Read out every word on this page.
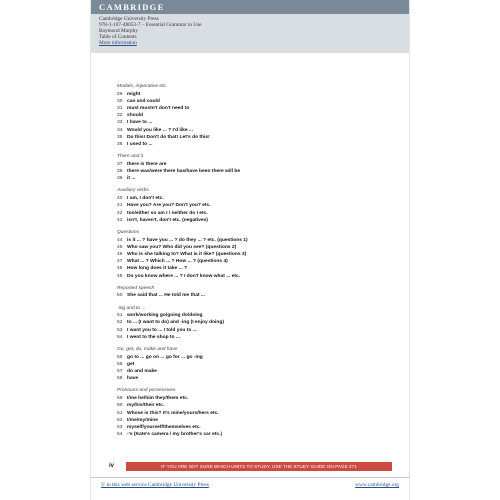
CAMBRIDGE
Cambridge University Press
978-1-107-48053-7 – Essential Grammar in Use
Raymond Murphy
Table of Contents
More information
Modals, imperative etc.
29 might
30 can and could
31 must mustn't don't need to
32 should
33 I have to ...
34 Would you like ... ? I'd like ...
35 Do this! Don't do that! Let's do this!
36 I used to ...
There and it
37 there is there are
38 there was/were there has/have been there will be
39 it ...
Auxiliary verbs
40 I am, I don't etc.
41 Have you? Are you? Don't you? etc.
42 too/either so am I / neither do I etc.
43 isn't, haven't, don't etc. (negatives)
Questions
44 is it ... ? have you ... ? do they ... ? etc. (questions 1)
45 Who saw you? Who did you see? (questions 2)
46 Who is she talking to? What is it like? (questions 3)
47 What ... ? Which ... ? How ... ? (questions 4)
48 How long does it take ... ?
49 Do you know where ... ? I don't know what ... etc.
Reported speech
50 She said that ... He told me that ...
-ing and to ...
51 work/working go/going do/doing
52 to ... (I want to do) and -ing (I enjoy doing)
53 I want you to ... I told you to ...
54 I went to the shop to ...
Go, get, do, make and have
55 go to ... go on ... go for ... go -ing
56 get
57 do and make
58 have
Pronouns and possessives
59 I/me he/him they/them etc.
60 my/his/their etc.
61 Whose is this? It's mine/yours/hers etc.
62 I/me/my/mine
63 myself/yourself/themselves etc.
64 -'s (Kate's camera / my brother's car etc.)
iv	IF YOU ARE NOT SURE WHICH UNITS TO STUDY, USE THE STUDY GUIDE ON PAGE 271
© in this web service Cambridge University Press	www.cambridge.org
